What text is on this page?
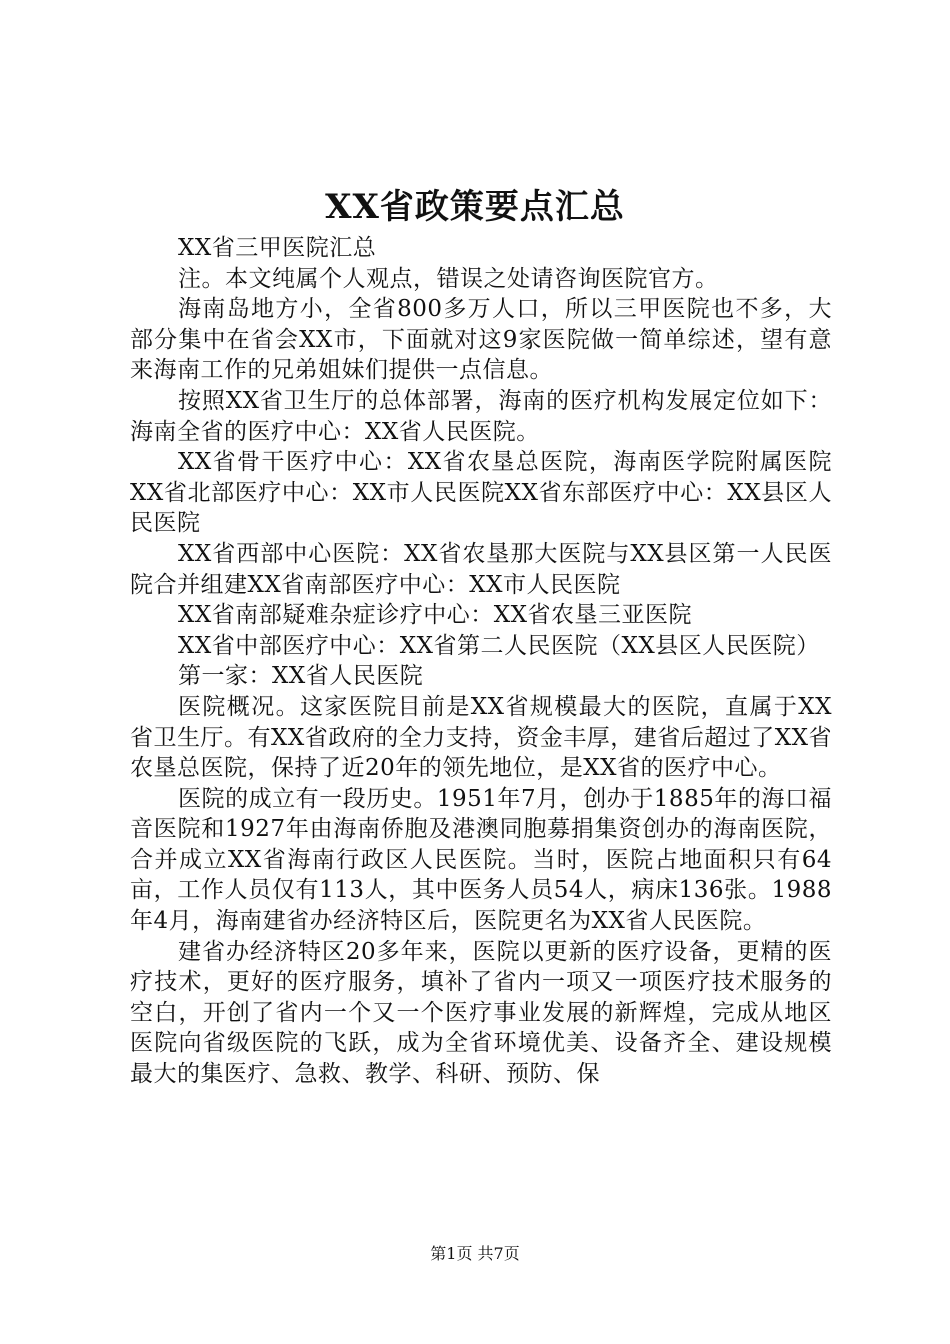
XX省政策要点汇总

XX省三甲医院汇总

注。本文纯属个人观点，错误之处请咨询医院官方。

海南岛地方小，全省800多万人口，所以三甲医院也不多，大部分集中在省会XX市，下面就对这9家医院做一简单综述，望有意来海南工作的兄弟姐妹们提供一点信息。

按照XX省卫生厅的总体部署，海南的医疗机构发展定位如下：海南全省的医疗中心：XX省人民医院。

XX省骨干医疗中心：XX省农垦总医院，海南医学院附属医院XX省北部医疗中心：XX市人民医院XX省东部医疗中心：XX县区人民医院

XX省西部中心医院：XX省农垦那大医院与XX县区第一人民医院合并组建XX省南部医疗中心：XX市人民医院

XX省南部疑难杂症诊疗中心：XX省农垦三亚医院

XX省中部医疗中心：XX省第二人民医院（XX县区人民医院）

第一家：XX省人民医院

医院概况。这家医院目前是XX省规模最大的医院，直属于XX省卫生厅。有XX省政府的全力支持，资金丰厚，建省后超过了XX省农垦总医院，保持了近20年的领先地位，是XX省的医疗中心。

医院的成立有一段历史。1951年7月，创办于1885年的海口福音医院和1927年由海南侨胞及港澳同胞募捐集资创办的海南医院，合并成立XX省海南行政区人民医院。当时，医院占地面积只有64亩，工作人员仅有113人，其中医务人员54人，病床136张。1988年4月，海南建省办经济特区后，医院更名为XX省人民医院。

建省办经济特区20多年来，医院以更新的医疗设备，更精的医疗技术，更好的医疗服务，填补了省内一项又一项医疗技术服务的空白，开创了省内一个又一个医疗事业发展的新辉煌，完成从地区医院向省级医院的飞跃，成为全省环境优美、设备齐全、建设规模最大的集医疗、急救、教学、科研、预防、保

第1页 共7页
